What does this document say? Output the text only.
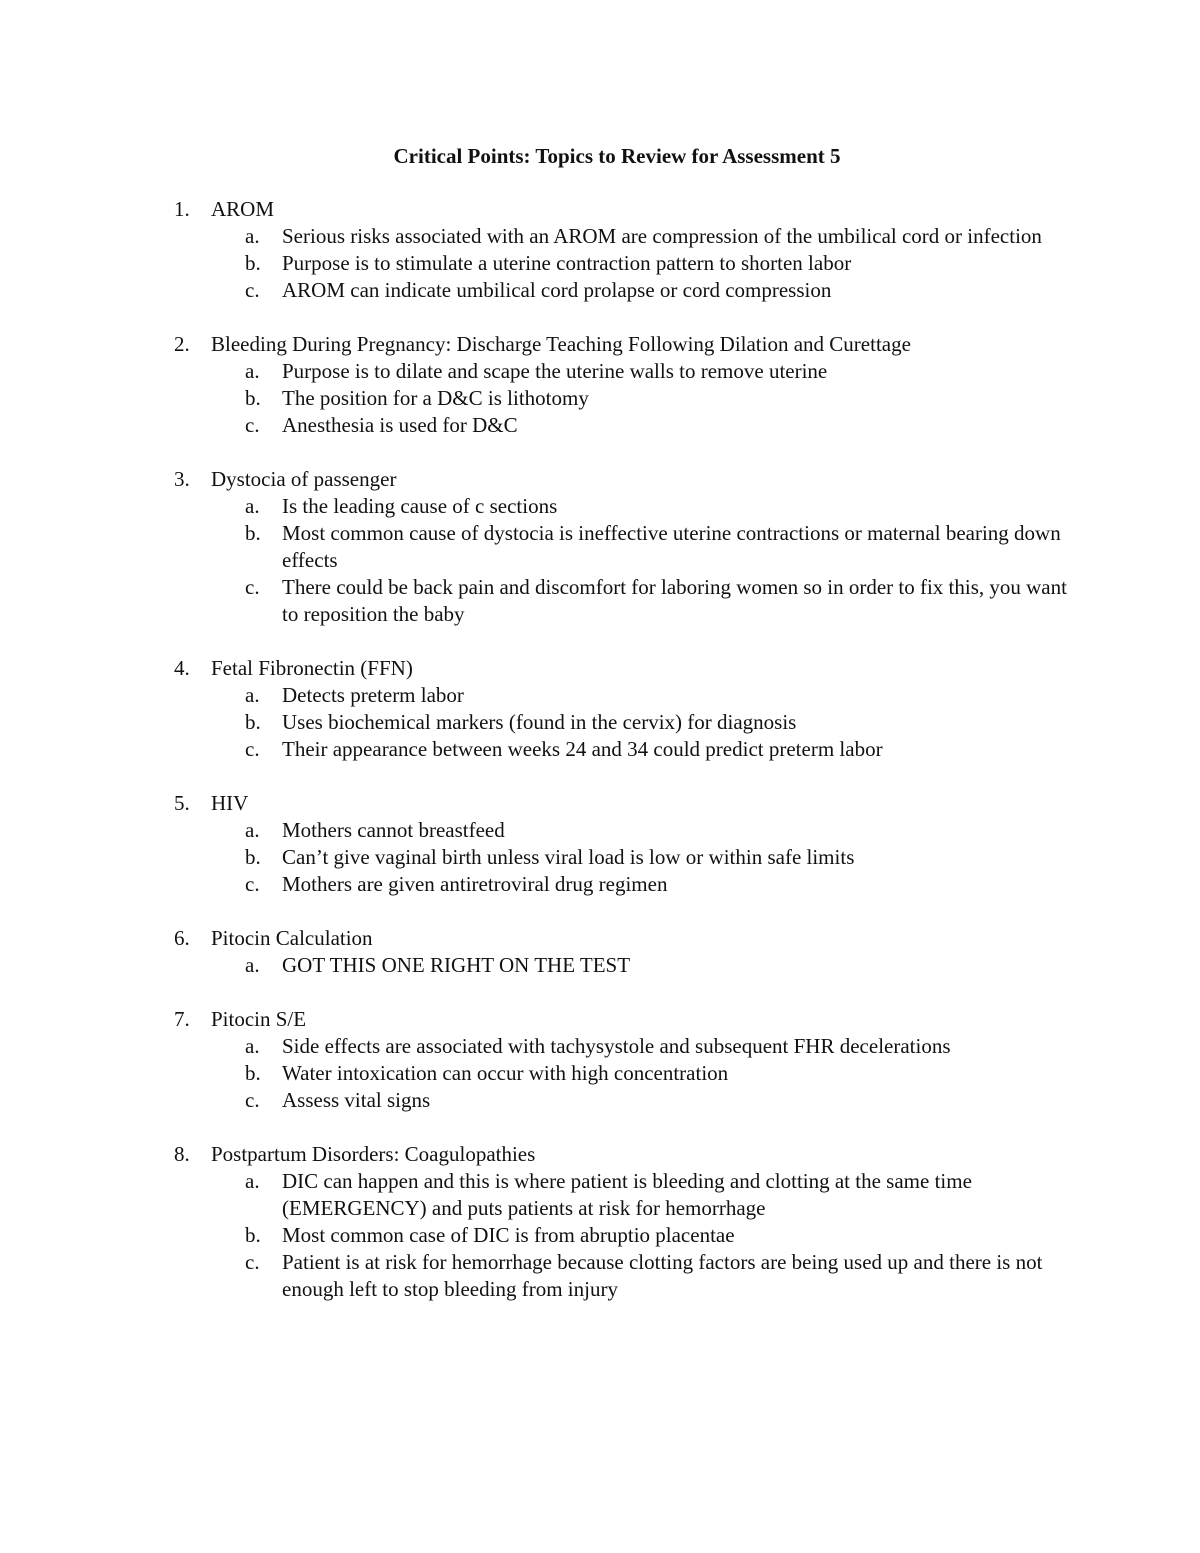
Critical Points: Topics to Review for Assessment 5
1.	AROM
a.	Serious risks associated with an AROM are compression of the umbilical cord or infection
b.	Purpose is to stimulate a uterine contraction pattern to shorten labor
c.	AROM can indicate umbilical cord prolapse or cord compression
2.	Bleeding During Pregnancy: Discharge Teaching Following Dilation and Curettage
a.	Purpose is to dilate and scape the uterine walls to remove uterine
b.	The position for a D&C is lithotomy
c.	Anesthesia is used for D&C
3.	Dystocia of passenger
a.	Is the leading cause of c sections
b.	Most common cause of dystocia is ineffective uterine contractions or maternal bearing down effects
c.	There could be back pain and discomfort for laboring women so in order to fix this, you want to reposition the baby
4.	Fetal Fibronectin (FFN)
a.	Detects preterm labor
b.	Uses biochemical markers (found in the cervix) for diagnosis
c.	Their appearance between weeks 24 and 34 could predict preterm labor
5.	HIV
a.	Mothers cannot breastfeed
b.	Can’t give vaginal birth unless viral load is low or within safe limits
c.	Mothers are given antiretroviral drug regimen
6.	Pitocin Calculation
a.	GOT THIS ONE RIGHT ON THE TEST
7.	Pitocin S/E
a.	Side effects are associated with tachysystole and subsequent FHR decelerations
b.	Water intoxication can occur with high concentration
c.	Assess vital signs
8.	Postpartum Disorders: Coagulopathies
a.	DIC can happen and this is where patient is bleeding and clotting at the same time (EMERGENCY) and puts patients at risk for hemorrhage
b.	Most common case of DIC is from abruptio placentae
c.	Patient is at risk for hemorrhage because clotting factors are being used up and there is not enough left to stop bleeding from injury
